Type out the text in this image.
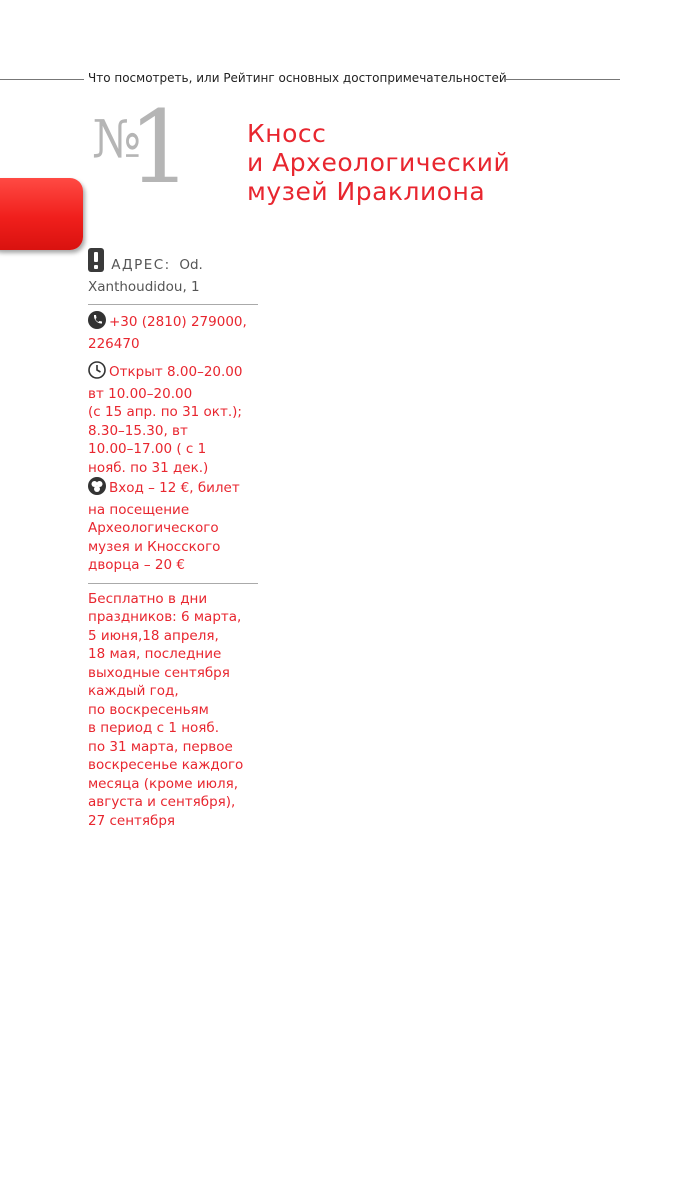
Что посмотреть, или Рейтинг основных достопримечательностей
№
1 Кносс
и Археологический
музей Ираклиона
АДРЕС: Od.
Xanthoudidou, 1
+30 (2810) 279000,
226470
Открыт 8.00–20.00
вт 10.00–20.00
(с 15 апр. по 31 окт.);
8.30–15.30, вт
10.00–17.00 ( с 1
нояб. по 31 дек.)
Вход – 12 €, билет
на посещение
Археологического
музея и Кносского
дворца – 20 €
Бесплатно в дни
праздников: 6 марта,
5 июня,18 апреля,
18 мая, последние
выходные сентября
каждый год,
по воскресеньям
в период с 1 нояб.
по 31 марта, первое
воскресенье каждого
месяца (кроме июля,
августа и сентября),
27 сентября
